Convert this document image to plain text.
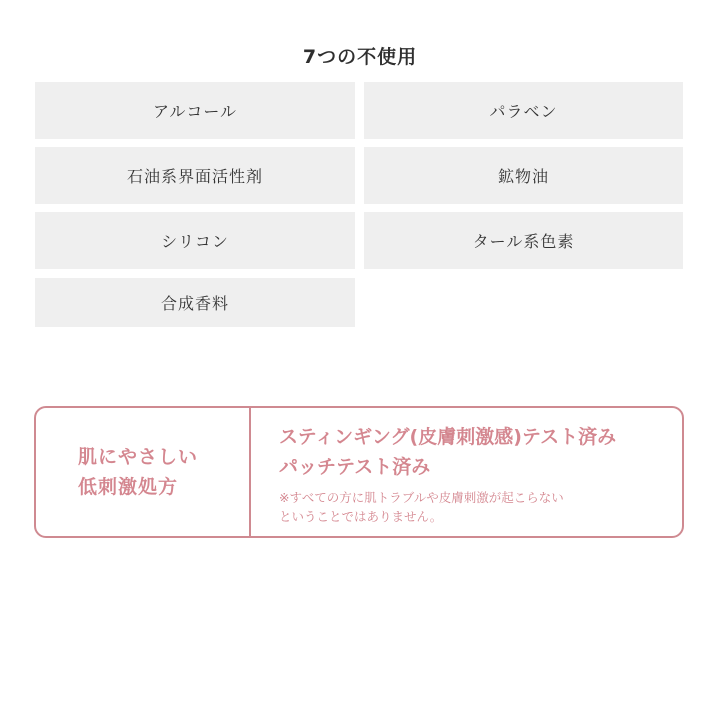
7つの不使用
アルコール	パラベン
石油系界面活性剤	鉱物油
シリコン	タール系色素
合成香料
肌にやさしい
低刺激処方
スティンギング(皮膚刺激感)テスト済み
パッチテスト済み
※すべての方に肌トラブルや皮膚刺激が起こらない
ということではありません。
